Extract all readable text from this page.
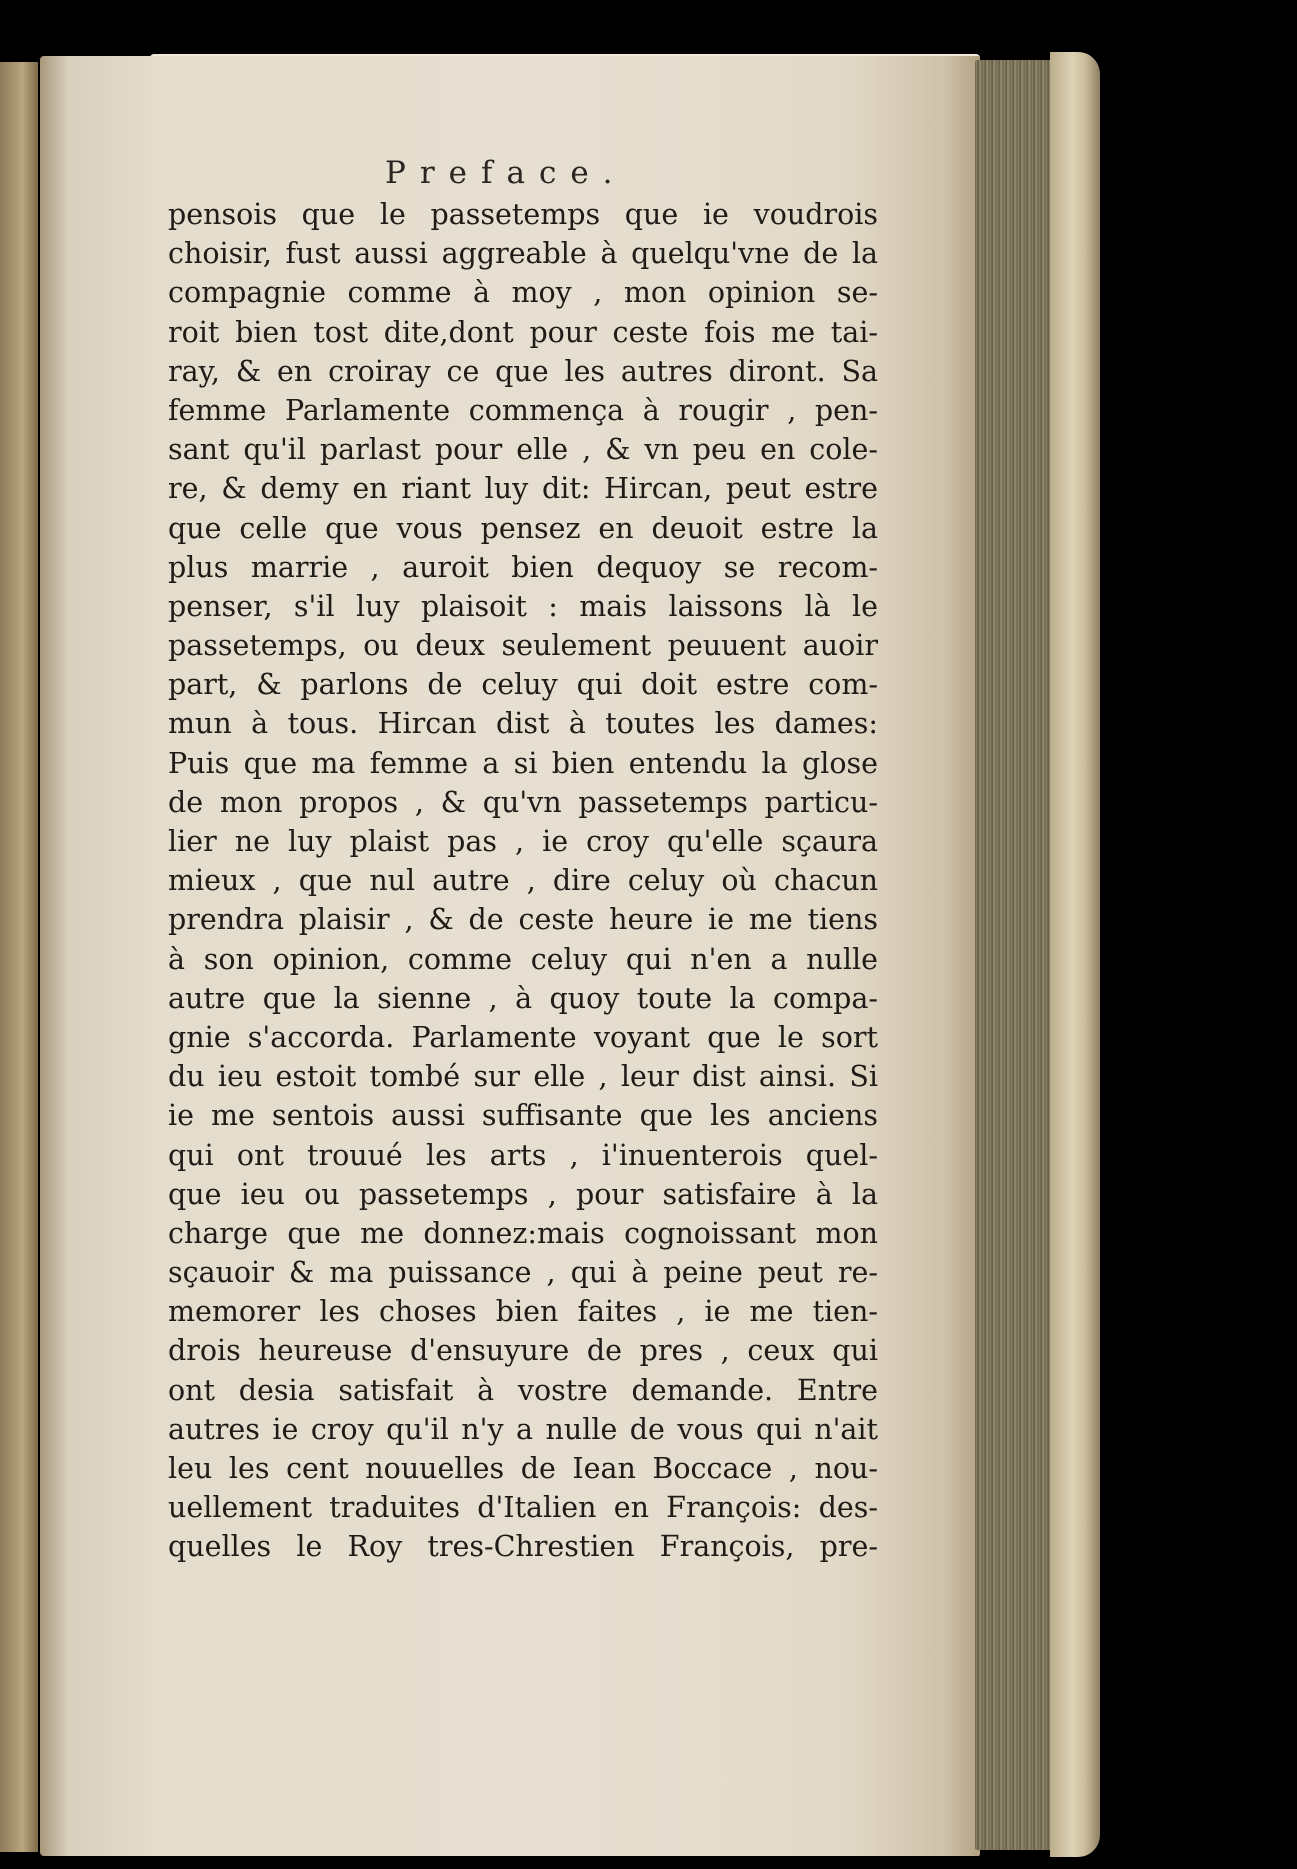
Preface.
pensois que le passetemps que ie voudrois
choisir, fust aussi aggreable à quelqu'vne de la
compagnie comme à moy , mon opinion se-
roit bien tost dite,dont pour ceste fois me tai-
ray, & en croiray ce que les autres diront. Sa
femme Parlamente commença à rougir , pen-
sant qu'il parlast pour elle , & vn peu en cole-
re, & demy en riant luy dit: Hircan, peut estre
que celle que vous pensez en deuoit estre la
plus marrie , auroit bien dequoy se recom-
penser, s'il luy plaisoit : mais laissons là le
passetemps, ou deux seulement peuuent auoir
part, & parlons de celuy qui doit estre com-
mun à tous. Hircan dist à toutes les dames:
Puis que ma femme a si bien entendu la glose
de mon propos , & qu'vn passetemps particu-
lier ne luy plaist pas , ie croy qu'elle sçaura
mieux , que nul autre , dire celuy où chacun
prendra plaisir , & de ceste heure ie me tiens
à son opinion, comme celuy qui n'en a nulle
autre que la sienne , à quoy toute la compa-
gnie s'accorda. Parlamente voyant que le sort
du ieu estoit tombé sur elle , leur dist ainsi. Si
ie me sentois aussi suffisante que les anciens
qui ont trouué les arts , i'inuenterois quel-
que ieu ou passetemps , pour satisfaire à la
charge que me donnez:mais cognoissant mon
sçauoir & ma puissance , qui à peine peut re-
memorer les choses bien faites , ie me tien-
drois heureuse d'ensuyure de pres , ceux qui
ont desia satisfait à vostre demande. Entre
autres ie croy qu'il n'y a nulle de vous qui n'ait
leu les cent nouuelles de Iean Boccace , nou-
uellement traduites d'Italien en François: des-
quelles le Roy tres-Chrestien François, pre-
